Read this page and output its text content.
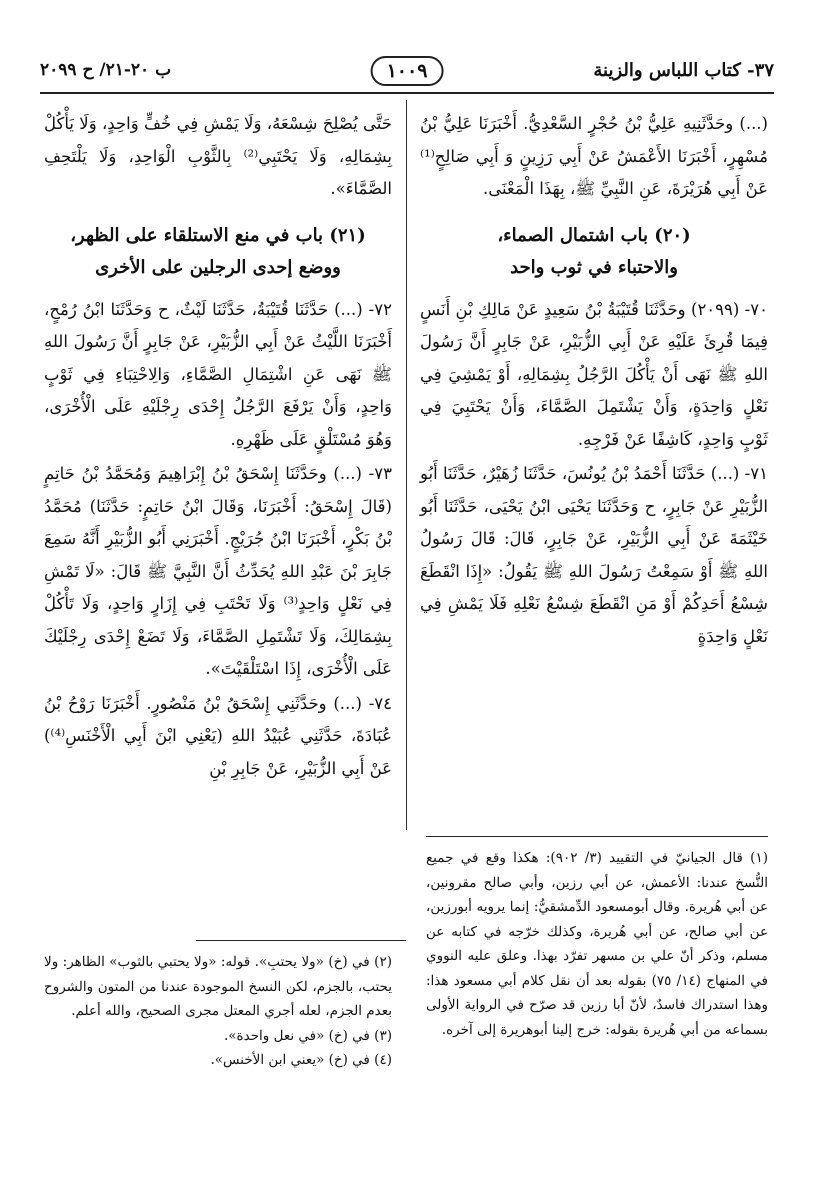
٣٧- كتاب اللباس والزينة
١٠٠٩
ب ٢٠-٢١/ ح ٢٠٩٩

(...) وحَدَّثَنِيهِ عَلِيُّ بْنُ حُجْرٍ السَّعْدِيُّ. أَخْبَرَنَا عَلِيُّ بْنُ مُسْهِرٍ، أَخْبَرَنَا الأَعْمَشُ عَنْ أَبِي رَزِينٍ وَ أَبِي صَالِحٍ⁽¹⁾ عَنْ أَبِي هُرَيْرَةَ، عَنِ النَّبِيِّ ﷺ، بِهَذَا الْمَعْنَى.

(٢٠) باب اشتمال الصماء،
والاحتباء في ثوب واحد

٧٠- (٢٠٩٩) وحَدَّثَنَا قُتَيْبَةُ بْنُ سَعِيدٍ عَنْ مَالِكِ بْنِ أَنَسٍ فِيمَا قُرِئَ عَلَيْهِ عَنْ أَبِي الزُّبَيْرِ، عَنْ جَابِرٍ أَنَّ رَسُولَ اللهِ ﷺ نَهَى أَنْ يَأْكُلَ الرَّجُلُ بِشِمَالِهِ، أَوْ يَمْشِيَ فِي نَعْلٍ وَاحِدَةٍ، وَأَنْ يَشْتَمِلَ الصَّمَّاءَ، وَأَنْ يَحْتَبِيَ فِي ثَوْبٍ وَاحِدٍ، كَاشِفًا عَنْ فَرْجِهِ.

٧١- (...) حَدَّثَنَا أَحْمَدُ بْنُ يُونُسَ، حَدَّثَنَا زُهَيْرٌ، حَدَّثَنَا أَبُو الزُّبَيْرِ عَنْ جَابِرٍ، ح وَحَدَّثَنَا يَحْيَى ابْنُ يَحْيَى، حَدَّثَنَا أَبُو خَيْثَمَةَ عَنْ أَبِي الزُّبَيْرِ، عَنْ جَابِرٍ، قَالَ: قَالَ رَسُولُ اللهِ ﷺ أَوْ سَمِعْتُ رَسُولَ اللهِ ﷺ يَقُولُ: «إِذَا انْقَطَعَ شِسْعُ أَحَدِكُمْ أَوْ مَنِ انْقَطَعَ شِسْعُ نَعْلِهِ فَلَا يَمْشِ فِي نَعْلٍ وَاحِدَةٍ

حَتَّى يُصْلِحَ شِسْعَهُ، وَلَا يَمْشِ فِي خُفٍّ وَاحِدٍ، وَلَا يَأْكُلْ بِشِمَالِهِ، وَلَا يَحْتَبِي⁽²⁾ بِالثَّوْبِ الْوَاحِدِ، وَلَا يَلْتَحِفِ الصَّمَّاءَ».

(٢١) باب في منع الاستلقاء على الظهر،
ووضع إحدى الرجلين على الأخرى

٧٢- (...) حَدَّثَنَا قُتَيْبَةُ، حَدَّثَنَا لَيْثٌ، ح وَحَدَّثَنَا ابْنُ رُمْحٍ، أَخْبَرَنَا اللَّيْثُ عَنْ أَبِي الزُّبَيْرِ، عَنْ جَابِرٍ أَنَّ رَسُولَ اللهِ ﷺ نَهَى عَنِ اشْتِمَالِ الصَّمَّاءِ، وَالِاحْتِبَاءِ فِي ثَوْبٍ وَاحِدٍ، وَأَنْ يَرْفَعَ الرَّجُلُ إِحْدَى رِجْلَيْهِ عَلَى الْأُخْرَى، وَهُوَ مُسْتَلْقٍ عَلَى ظَهْرِهِ.

٧٣- (...) وحَدَّثَنَا إِسْحَقُ بْنُ إِبْرَاهِيمَ وَمُحَمَّدُ بْنُ حَاتِمٍ (قَالَ إِسْحَقُ: أَخْبَرَنَا، وَقَالَ ابْنُ حَاتِمٍ: حَدَّثَنَا) مُحَمَّدُ بْنُ بَكْرٍ، أَخْبَرَنَا ابْنُ جُرَيْجٍ. أَخْبَرَنِي أَبُو الزُّبَيْرِ أَنَّهُ سَمِعَ جَابِرَ بْنَ عَبْدِ اللهِ يُحَدِّثُ أَنَّ النَّبِيَّ ﷺ قَالَ: «لَا تَمْشِ فِي نَعْلٍ وَاحِدٍ⁽³⁾ وَلَا تَحْتَبِ فِي إِزَارٍ وَاحِدٍ، وَلَا تَأْكُلْ بِشِمَالِكَ، وَلَا تَشْتَمِلِ الصَّمَّاءَ، وَلَا تَضَعْ إِحْدَى رِجْلَيْكَ عَلَى الْأُخْرَى، إِذَا اسْتَلْقَيْتَ».

٧٤- (...) وحَدَّثَنِي إِسْحَقُ بْنُ مَنْصُورٍ. أَخْبَرَنَا رَوْحُ بْنُ عُبَادَةَ، حَدَّثَنِي عُبَيْدُ اللهِ (يَعْنِي ابْنَ أَبِي الْأَخْنَسِ⁽⁴⁾) عَنْ أَبِي الزُّبَيْرِ، عَنْ جَابِرِ بْنِ

(١) قال الجيانيّ في التقييد (٣/ ٩٠٢): هكذا وقع في جميع النُّسخ عندنا: الأعمش، عن أبي رزين، وأبي صالح مقرونين، عن أبي هُريرة. وقال أبومسعود الدِّمشقيُّ: إنما يرويه أبورزين، عن أبي صالح، عن أبي هُريرة، وكذلك خرّجه في كتابه عن مسلم، وذكر أنّ علي بن مسهر تفرّد بهذا. وعلق عليه النووي في المنهاج (١٤/ ٧٥) بقوله بعد أن نقل كلام أبي مسعود هذا: وهذا استدراك فاسدٌ، لأنّ أبا رزين قد صرّح في الرواية الأولى بسماعه من أبي هُريرة بقوله: خرج إلينا أبوهريرة إلى آخره.

(٢) في (خ) «ولا يحتبِ». قوله: «ولا يحتبي بالثوب» الظاهر: ولا يحتب، بالجزم، لكن النسخ الموجودة عندنا من المتون والشروح بعدم الجزم، لعله أجري المعتل مجرى الصحيح، والله أعلم.

(٣) في (خ) «في نعل واحدة».

(٤) في (خ) «يعني ابن الأخنس».
